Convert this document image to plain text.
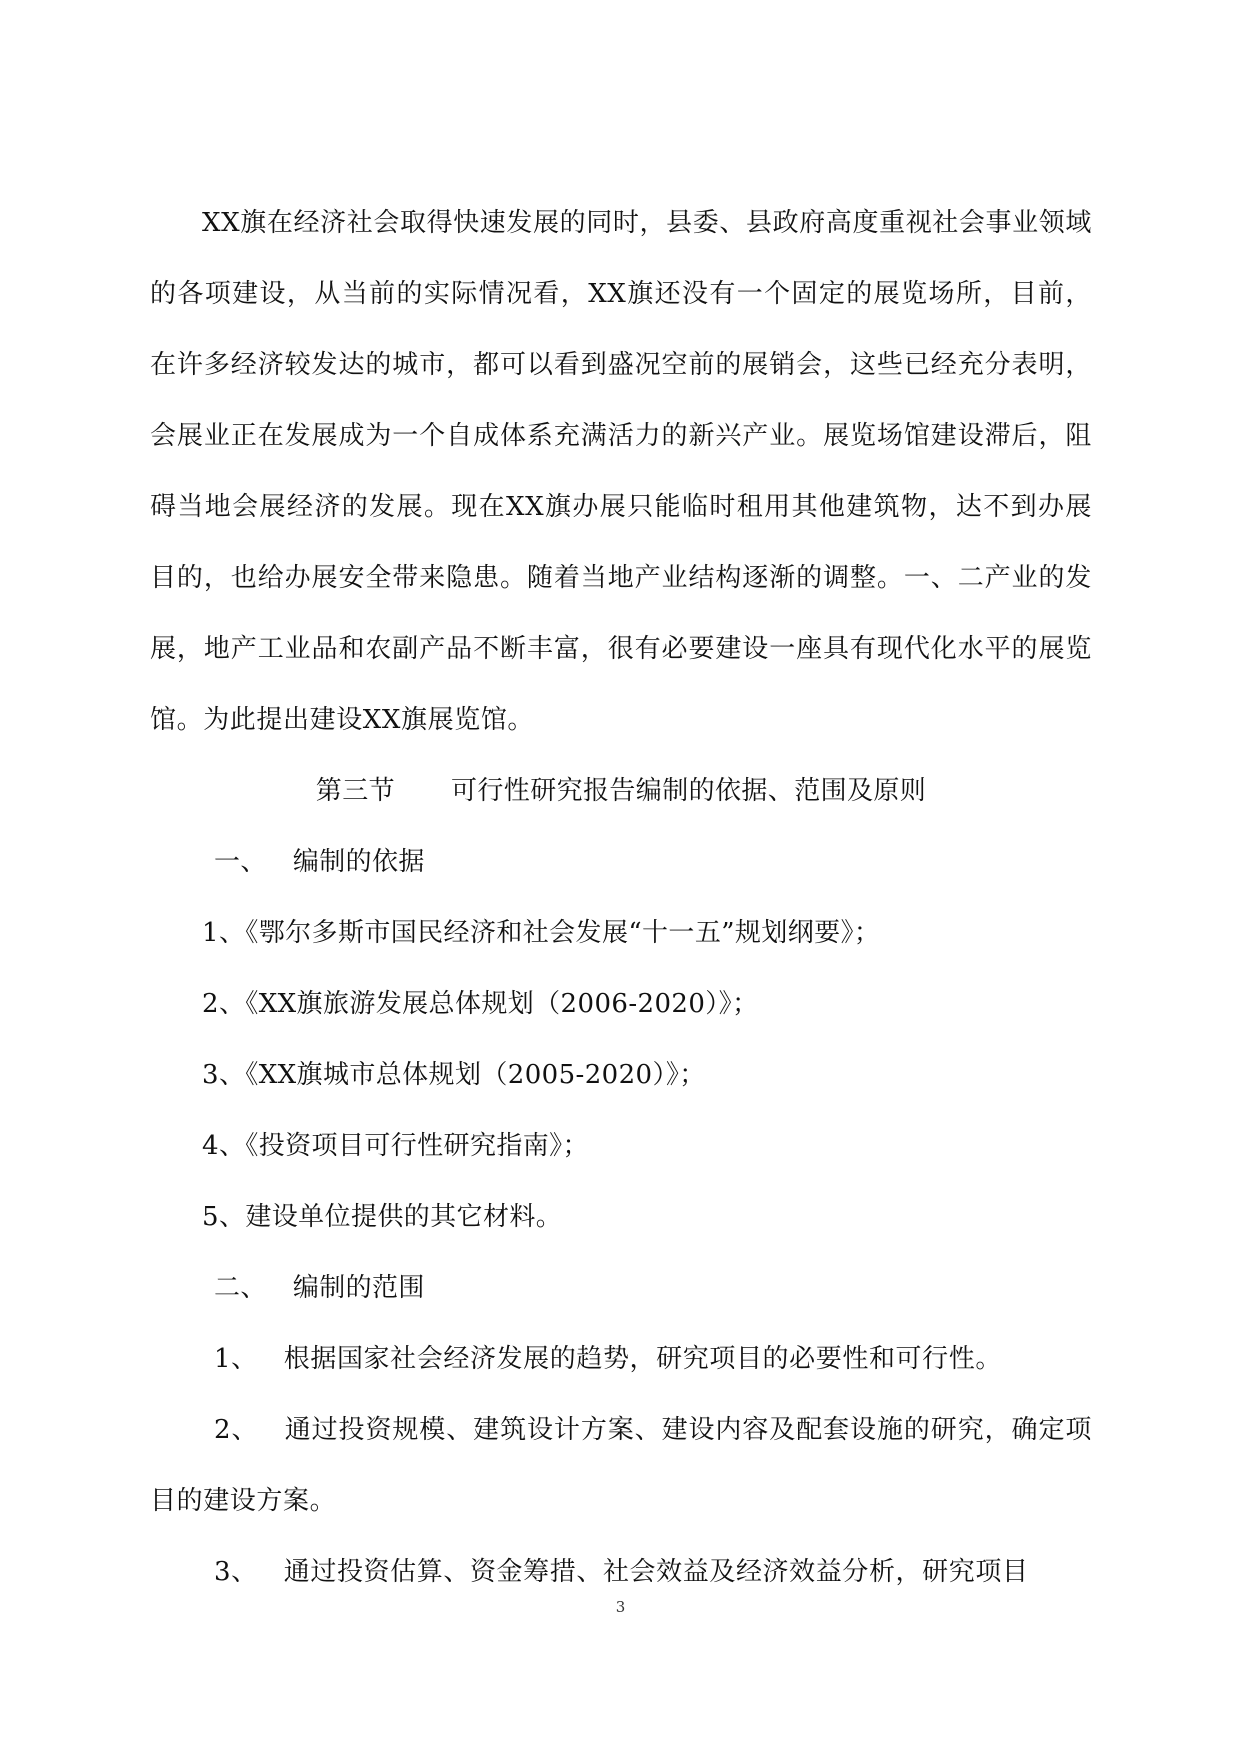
XX旗在经济社会取得快速发展的同时，县委、县政府高度重视社会事业领域的各项建设，从当前的实际情况看，XX旗还没有一个固定的展览场所，目前，在许多经济较发达的城市，都可以看到盛况空前的展销会，这些已经充分表明，会展业正在发展成为一个自成体系充满活力的新兴产业。展览场馆建设滞后，阻碍当地会展经济的发展。现在XX旗办展只能临时租用其他建筑物，达不到办展目的，也给办展安全带来隐患。随着当地产业结构逐渐的调整。一、二产业的发展，地产工业品和农副产品不断丰富，很有必要建设一座具有现代化水平的展览馆。为此提出建设XX旗展览馆。

第三节 可行性研究报告编制的依据、范围及原则

一、 编制的依据

1、《鄂尔多斯市国民经济和社会发展“十一五”规划纲要》；

2、《XX旗旅游发展总体规划（2006-2020）》；

3、《XX旗城市总体规划（2005-2020）》；

4、《投资项目可行性研究指南》；

5、建设单位提供的其它材料。

二、 编制的范围

1、 根据国家社会经济发展的趋势，研究项目的必要性和可行性。

2、 通过投资规模、建筑设计方案、建设内容及配套设施的研究，确定项目的建设方案。

3、 通过投资估算、资金筹措、社会效益及经济效益分析，研究项目

3
